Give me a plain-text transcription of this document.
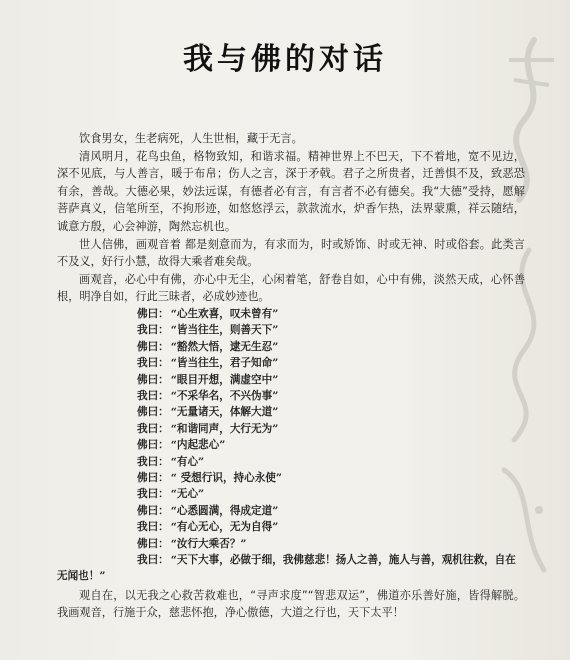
我与佛的对话

饮食男女，生老病死，人生世相，藏于无言。

清风明月，花鸟虫鱼，格物致知，和谐求福。精神世界上不巴天，下不着地，宽不见边，深不见底，与人善言，暖于布帛；伤人之言，深于矛戟。君子之所贵者，迁善惧不及，致恶恐有余，善哉。大德必果，妙法远谋，有德者必有言，有言者不必有德矣。我“大德”受持，愿解菩萨真义，信笔所至，不拘形迹，如悠悠浮云，款款流水，炉香乍热，法界蒙熏，祥云随结，诚意方殷，心会神游，陶然忘机也。

世人信佛，画观音着 都是刻意而为，有求而为，时或矫饰、时或无神、时或俗套。此类言不及义，好行小慧，故得大乘者难矣哉。

画观音，必心中有佛，亦心中无尘，心闲着笔，舒卷自如，心中有佛，淡然天成，心怀善根，明净自如，行此三昧者，必成妙迹也。

佛曰： “心生欢喜，叹未曾有”
我曰： “皆当往生，则善天下”
佛曰： “豁然大悟，逮无生忍”
我曰： “皆当往生，君子知命”
佛曰： “眼目开想，满虚空中”
我曰： “不采华名，不兴伪事”
佛曰： “无量诸天，体解大道”
我曰： “和谐同声，大行无为”
佛曰： “内起悲心”
我曰： “有心”
佛曰： “ 受想行识，持心永使”
我曰： “无心”
佛曰： “心悉圆满，得成定道”
我曰： “有心无心，无为自得”
佛曰： “汝行大乘否？”
我曰： “天下大事，必做于细，我佛慈悲！扬人之善，施人与善，观机往救，自在无闻也！”

观自在，以无我之心救苦救难也，“寻声求度”“智悲双运”，佛道亦乐善好施，皆得解脱。我画观音，行施于众，慈悲怀抱，净心傲德，大道之行也，天下太平！
